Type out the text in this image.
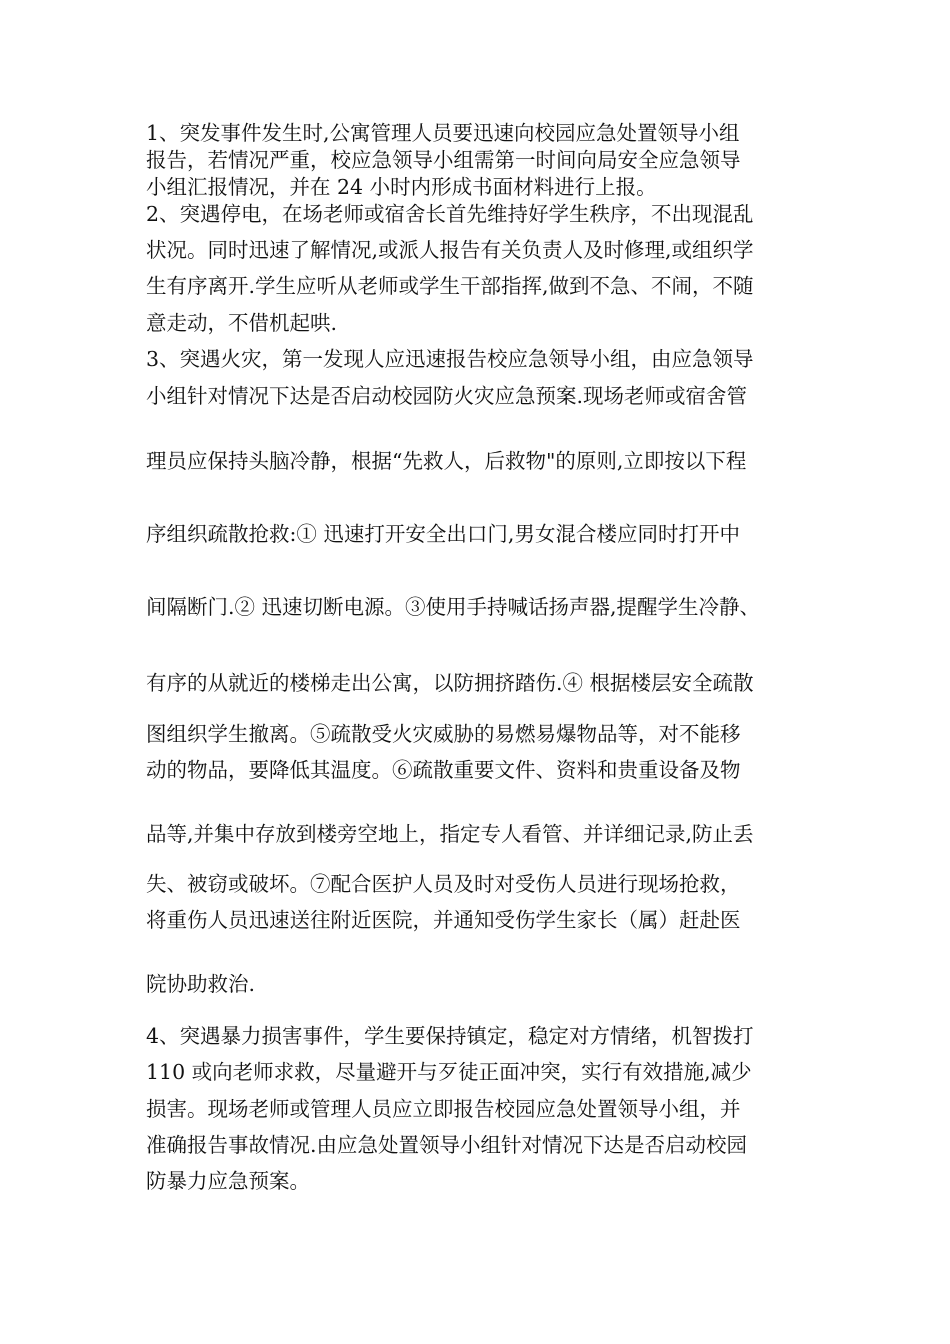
1、突发事件发生时,公寓管理人员要迅速向校园应急处置领导小组
报告，若情况严重，校应急领导小组需第一时间向局安全应急领导
小组汇报情况，并在 24 小时内形成书面材料进行上报。
2、突遇停电，在场老师或宿舍长首先维持好学生秩序，不出现混乱
状况。同时迅速了解情况,或派人报告有关负责人及时修理,或组织学
生有序离开.学生应听从老师或学生干部指挥,做到不急、不闹，不随
意走动，不借机起哄.
3、突遇火灾，第一发现人应迅速报告校应急领导小组，由应急领导
小组针对情况下达是否启动校园防火灾应急预案.现场老师或宿舍管
理员应保持头脑冷静，根据“先救人，后救物"的原则,立即按以下程
序组织疏散抢救:① 迅速打开安全出口门,男女混合楼应同时打开中
间隔断门.② 迅速切断电源。③使用手持喊话扬声器,提醒学生冷静、
有序的从就近的楼梯走出公寓，以防拥挤踏伤.④ 根据楼层安全疏散
图组织学生撤离。⑤疏散受火灾威胁的易燃易爆物品等，对不能移
动的物品，要降低其温度。⑥疏散重要文件、资料和贵重设备及物
品等,并集中存放到楼旁空地上，指定专人看管、并详细记录,防止丢
失、被窃或破坏。⑦配合医护人员及时对受伤人员进行现场抢救，
将重伤人员迅速送往附近医院，并通知受伤学生家长（属）赶赴医
院协助救治.
4、突遇暴力损害事件，学生要保持镇定，稳定对方情绪，机智拨打
110 或向老师求救，尽量避开与歹徒正面冲突，实行有效措施,减少
损害。现场老师或管理人员应立即报告校园应急处置领导小组，并
准确报告事故情况.由应急处置领导小组针对情况下达是否启动校园
防暴力应急预案。
